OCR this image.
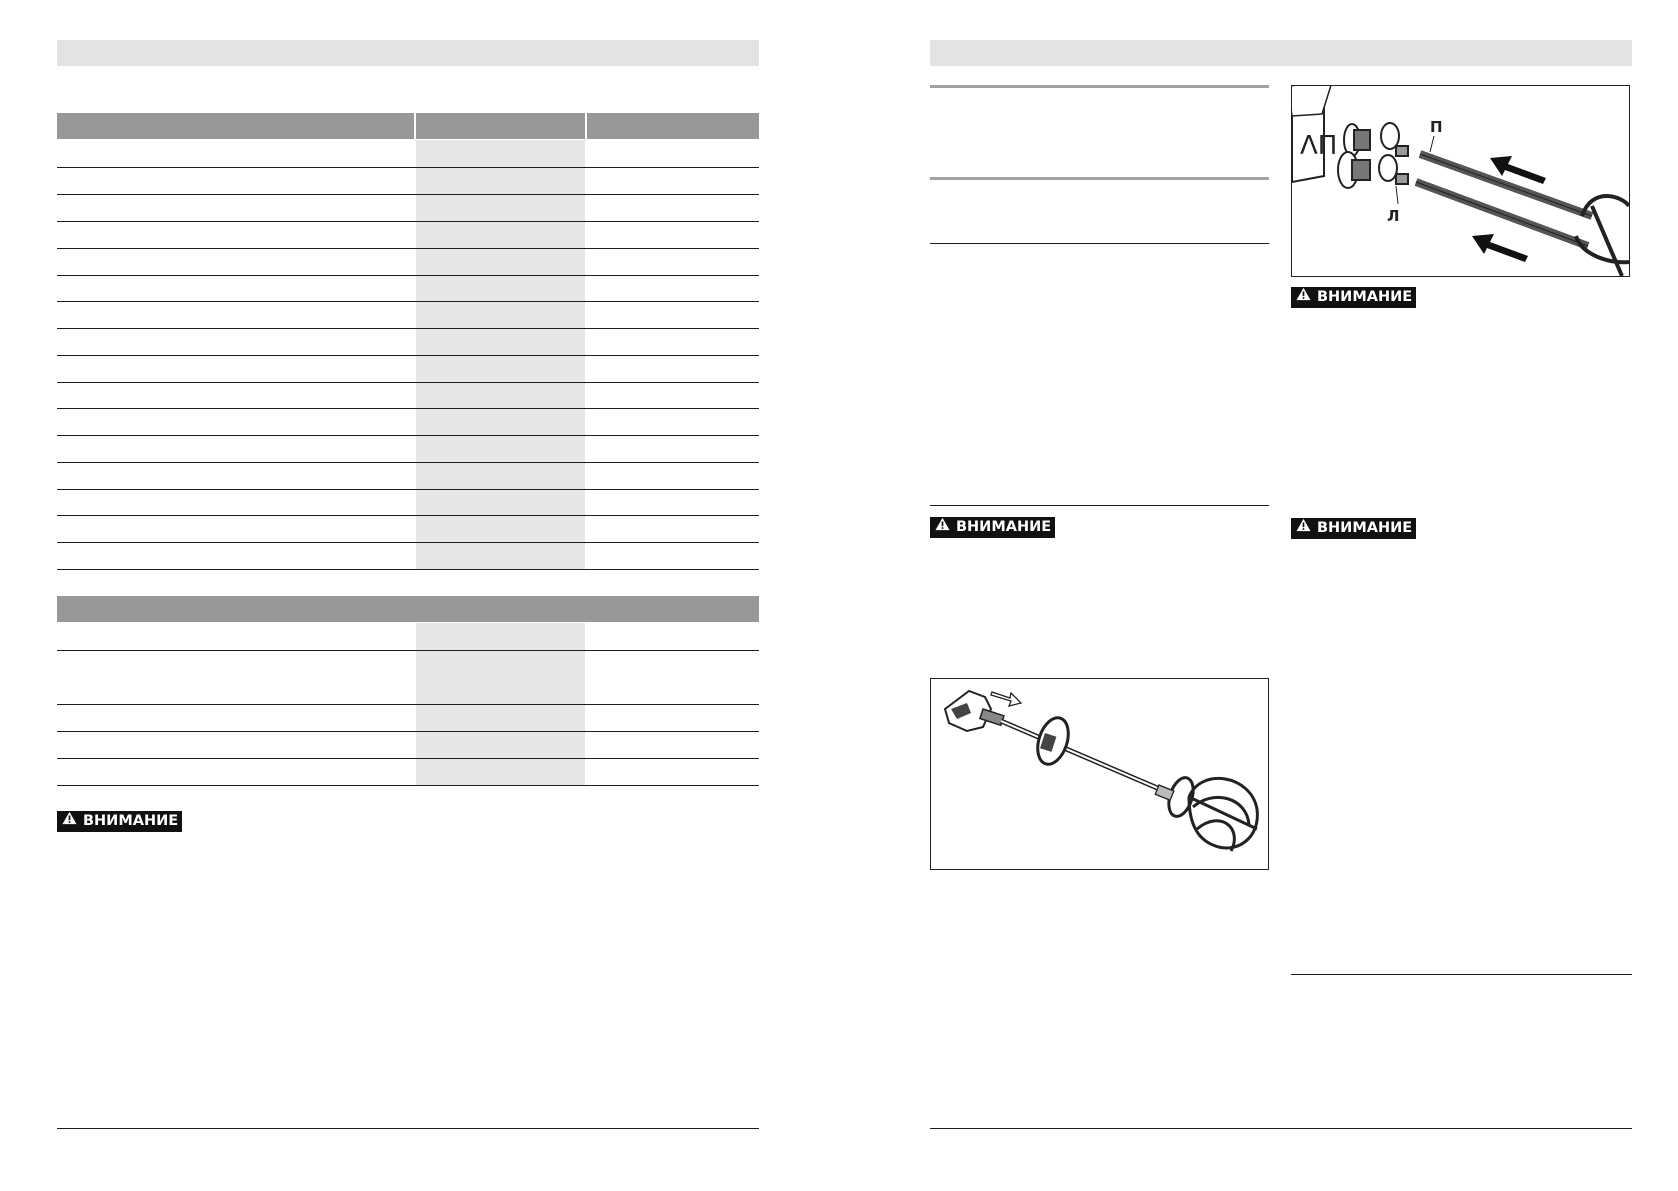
ВНИМАНИЕ
ВНИМАНИЕ
ΛΠ
П
Л
ВНИМАНИЕ
ВНИМАНИЕ
